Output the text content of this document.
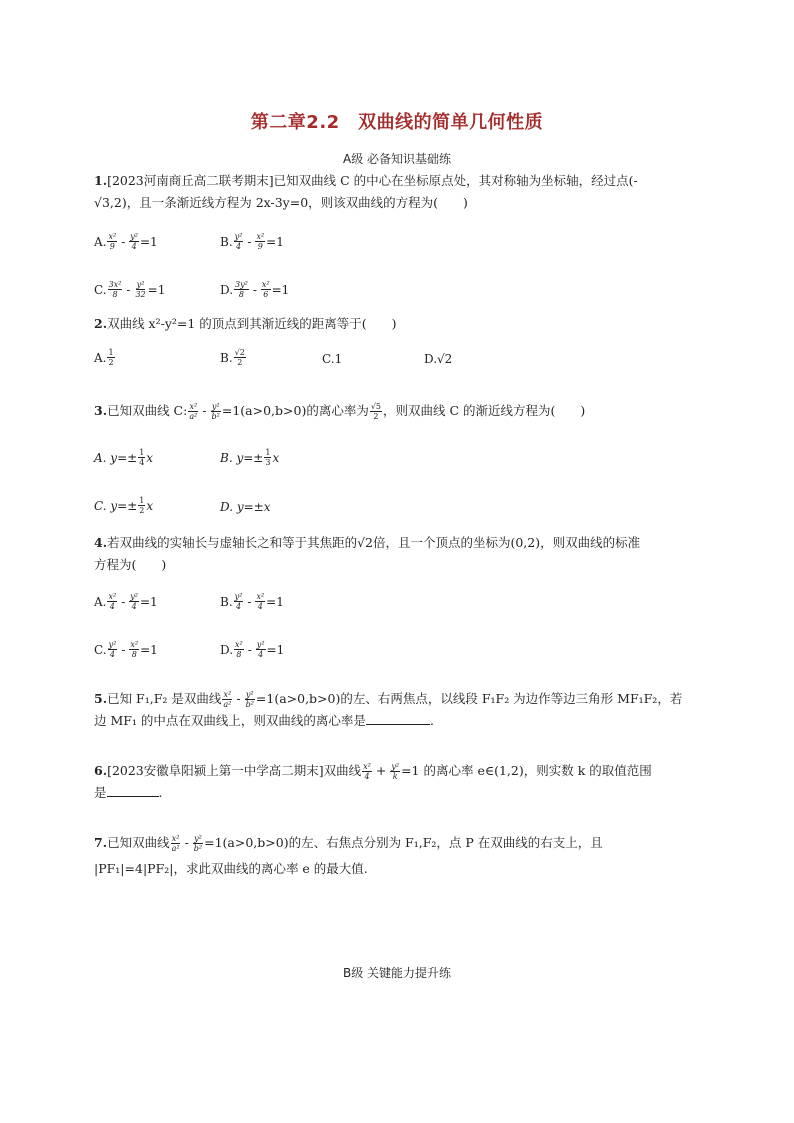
第二章2.2　双曲线的简单几何性质
A级 必备知识基础练
1.[2023河南商丘高二联考期末]已知双曲线 C 的中心在坐标原点处，其对称轴为坐标轴，经过点(-
√3,2)，且一条渐近线方程为 2x-3y=0，则该双曲线的方程为(　　)
A. $\frac{\text{x²}}{9} - \frac{\text{y²}}{4} =1$	B. $\frac{\text{y²}}{4} - \frac{\text{x²}}{9} =1$
C. $\frac{\text{3x²}}{8} - \frac{\text{y²}}{32} =1$	D. $\frac{\text{3y²}}{8} - \frac{\text{x²}}{6} =1$
2.双曲线 x²-y²=1 的顶点到其渐近线的距离等于(　　)
A. $\frac{1}{2}$	B. $\frac{√2}{2}$	C.1	D.√2
3. 已知双曲线 C: $\frac{\text{x²}}{\text{a²}} - \frac{\text{y²}}{\text{b²}} =1(a>0,b>0)$的离心率为 $\frac{√5}{2}$ ，则双曲线 C 的渐近线方程为(　　)
A. $y=\pm \frac{1}{4}$ x	B. $y=\pm \frac{1}{3}$ x
C. $y=\pm \frac{1}{2}$ x	D. y=±x
4.若双曲线的实轴长与虚轴长之和等于其焦距的√2倍，且一个顶点的坐标为(0,2)，则双曲线的标准
方程为(　　)
A. $\frac{\text{x²}}{4} - \frac{\text{y²}}{4} =1$	B. $\frac{\text{y²}}{4} - \frac{\text{x²}}{4} =1$
C. $\frac{\text{y²}}{4} - \frac{\text{x²}}{8} =1$	D. $\frac{\text{x²}}{8} - \frac{\text{y²}}{4} =1$
5. 已知 F₁,F₂ 是双曲线 $\frac{\text{x²}}{\text{a²}} - \frac{\text{y²}}{\text{b²}} =1(a>0,b>0)$的左、右两焦点，以线段 F₁F₂ 为边作等边三角形 MF₁F₂，若
边 MF₁ 的中点在双曲线上，则双曲线的离心率是	.
6. [2023安徽阜阳颍上第一中学高二期末]双曲线 $\frac{\text{x²}}{4} + \frac{\text{y²}}{k} =1$ 的离心率 e∈(1,2)，则实数 k 的取值范围
是	.
7. 已知双曲线 $\frac{\text{x²}}{\text{a²}} - \frac{\text{y²}}{\text{b²}} =1(a>0,b>0)$的左、右焦点分别为 F₁,F₂，点 P 在双曲线的右支上，且
|PF₁|=4|PF₂|，求此双曲线的离心率 e 的最大值.
B级 关键能力提升练
